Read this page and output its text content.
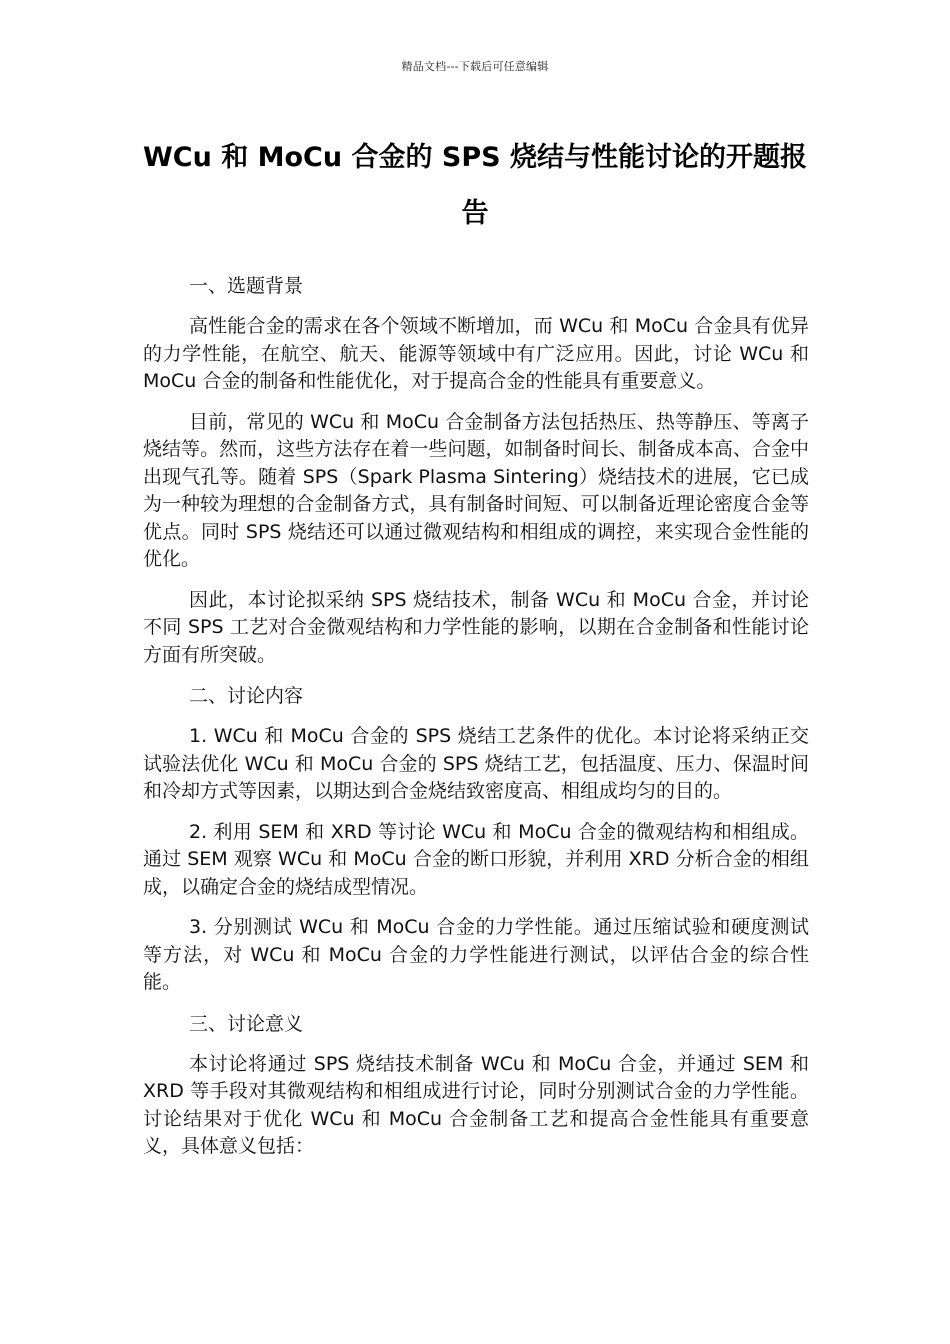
精品文档---下载后可任意编辑
WCu 和 MoCu 合金的 SPS 烧结与性能讨论的开题报告
一、选题背景

高性能合金的需求在各个领域不断增加，而 WCu 和 MoCu 合金具有优异的力学性能，在航空、航天、能源等领域中有广泛应用。因此，讨论 WCu 和 MoCu 合金的制备和性能优化，对于提高合金的性能具有重要意义。

目前，常见的 WCu 和 MoCu 合金制备方法包括热压、热等静压、等离子烧结等。然而，这些方法存在着一些问题，如制备时间长、制备成本高、合金中出现气孔等。随着 SPS（Spark Plasma Sintering）烧结技术的进展，它已成为一种较为理想的合金制备方式，具有制备时间短、可以制备近理论密度合金等优点。同时 SPS 烧结还可以通过微观结构和相组成的调控，来实现合金性能的优化。

因此，本讨论拟采纳 SPS 烧结技术，制备 WCu 和 MoCu 合金，并讨论不同 SPS 工艺对合金微观结构和力学性能的影响，以期在合金制备和性能讨论方面有所突破。

二、讨论内容

1. WCu 和 MoCu 合金的 SPS 烧结工艺条件的优化。本讨论将采纳正交试验法优化 WCu 和 MoCu 合金的 SPS 烧结工艺，包括温度、压力、保温时间和冷却方式等因素，以期达到合金烧结致密度高、相组成均匀的目的。

2. 利用 SEM 和 XRD 等讨论 WCu 和 MoCu 合金的微观结构和相组成。通过 SEM 观察 WCu 和 MoCu 合金的断口形貌，并利用 XRD 分析合金的相组成，以确定合金的烧结成型情况。

3. 分别测试 WCu 和 MoCu 合金的力学性能。通过压缩试验和硬度测试等方法，对 WCu 和 MoCu 合金的力学性能进行测试，以评估合金的综合性能。

三、讨论意义

本讨论将通过 SPS 烧结技术制备 WCu 和 MoCu 合金，并通过 SEM 和 XRD 等手段对其微观结构和相组成进行讨论，同时分别测试合金的力学性能。讨论结果对于优化 WCu 和 MoCu 合金制备工艺和提高合金性能具有重要意义，具体意义包括：
